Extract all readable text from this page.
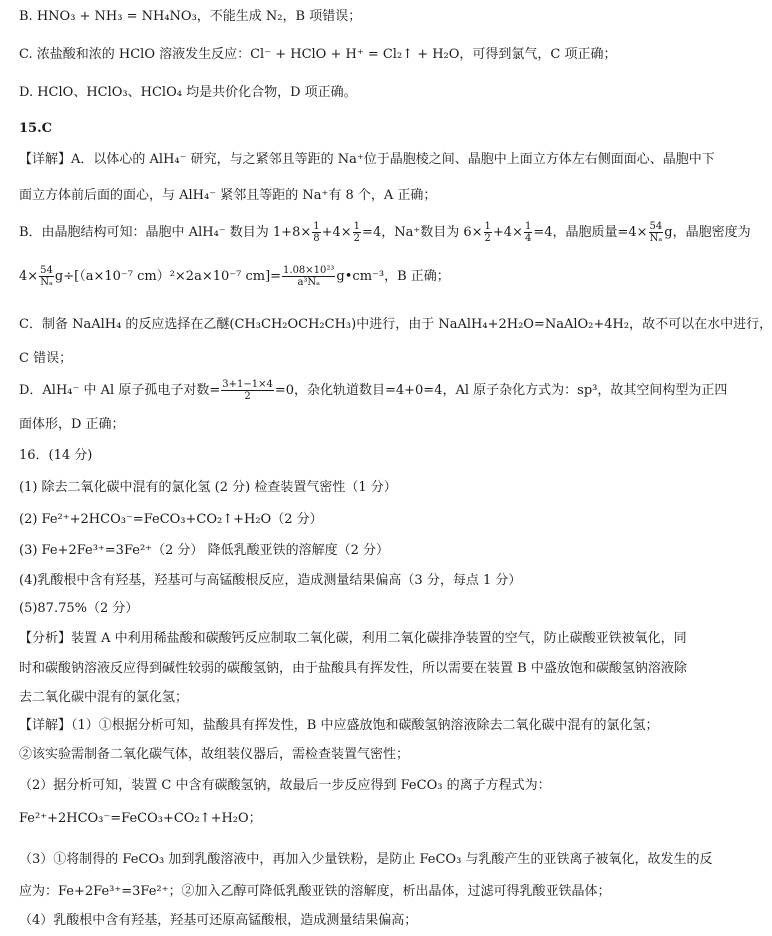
B. HNO₃ + NH₃ = NH₄NO₃，不能生成 N₂，B 项错误；
C. 浓盐酸和浓的 HClO 溶液发生反应：Cl⁻ + HClO + H⁺ = Cl₂↑ + H₂O，可得到氯气，C 项正确；
D. HClO、HClO₃、HClO₄ 均是共价化合物，D 项正确。
15.C
【详解】A．以体心的 AlH₄⁻ 研究，与之紧邻且等距的 Na⁺位于晶胞棱之间、晶胞中上面立方体左右侧面面心、晶胞中下
面立方体前后面的面心，与 AlH₄⁻ 紧邻且等距的 Na⁺有 8 个，A 正确；
B．由晶胞结构可知：晶胞中 AlH₄⁻ 数目为 $1+8\times \frac{1}{8} +4\times \frac{1}{2} =4$，Na⁺数目为 $6\times \frac{1}{2} +4\times \frac{1}{4} =4$，晶胞质量$=4\times \frac{54}{\text{Nₐ}}$ g，晶胞密度为
$4\times \frac{54}{\text{Nₐ}} g\div[(a\times 10^{-7}$ cm）²×2a×10⁻⁷ $cm]= \frac{\text{1.08×10²³}}{\text{a³Nₐ}}$ g•cm⁻³，B 正确；
C．制备 NaAlH₄ 的反应选择在乙醚(CH₃CH₂OCH₂CH₃)中进行，由于 NaAlH₄+2H₂O=NaAlO₂+4H₂，故不可以在水中进行，
C 错误；
D．AlH₄⁻ 中 Al 原子孤电子对数= $\frac{3+1-1\times 4}{2} =0$，杂化轨道数目=4+0=4，Al 原子杂化方式为：sp³，故其空间构型为正四
面体形，D 正确；
16．(14 分)
(1) 除去二氧化碳中混有的氯化氢 (2 分) 检查装置气密性（1 分）
(2) Fe²⁺+2HCO₃⁻=FeCO₃+CO₂↑+H₂O（2 分）
(3) Fe+2Fe³⁺=3Fe²⁺（2 分） 降低乳酸亚铁的溶解度（2 分）
(4)乳酸根中含有羟基，羟基可与高锰酸根反应，造成测量结果偏高（3 分，每点 1 分）
(5)87.75%（2 分）
【分析】装置 A 中利用稀盐酸和碳酸钙反应制取二氧化碳，利用二氧化碳排净装置的空气，防止碳酸亚铁被氧化，同
时和碳酸钠溶液反应得到碱性较弱的碳酸氢钠，由于盐酸具有挥发性，所以需要在装置 B 中盛放饱和碳酸氢钠溶液除
去二氧化碳中混有的氯化氢；
【详解】（1）①根据分析可知，盐酸具有挥发性，B 中应盛放饱和碳酸氢钠溶液除去二氧化碳中混有的氯化氢；
②该实验需制备二氧化碳气体，故组装仪器后，需检查装置气密性；
（2）据分析可知，装置 C 中含有碳酸氢钠，故最后一步反应得到 FeCO₃ 的离子方程式为：
Fe²⁺+2HCO₃⁻=FeCO₃+CO₂↑+H₂O；
（3）①将制得的 FeCO₃ 加到乳酸溶液中，再加入少量铁粉，是防止 FeCO₃ 与乳酸产生的亚铁离子被氧化，故发生的反
应为：Fe+2Fe³⁺=3Fe²⁺；②加入乙醇可降低乳酸亚铁的溶解度，析出晶体，过滤可得乳酸亚铁晶体；
（4）乳酸根中含有羟基，羟基可还原高锰酸根，造成测量结果偏高；
